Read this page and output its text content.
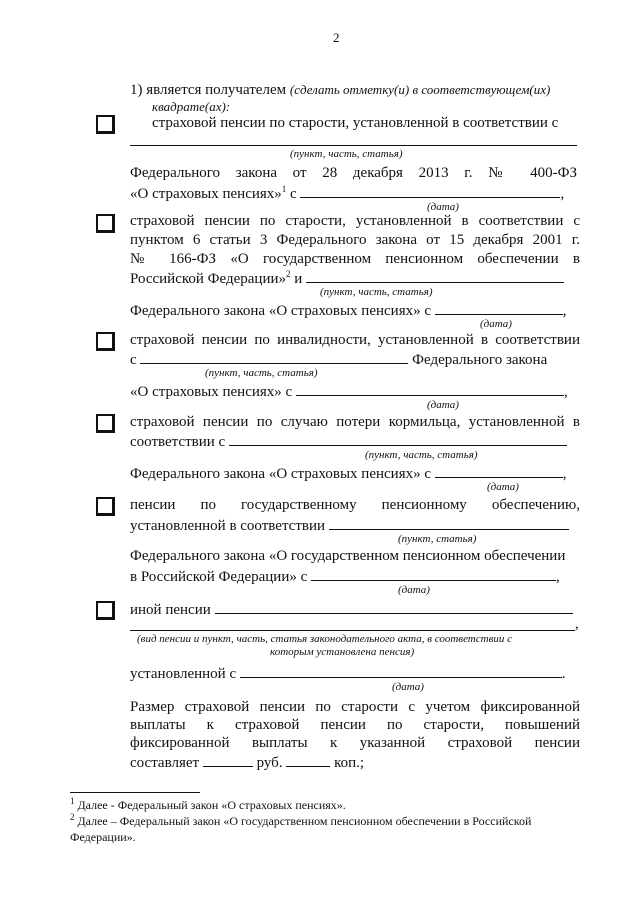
2
1) является получателем (сделать отметку(и) в соответствующем(их)
квадрате(ах):
страховой пенсии по старости, установленной в соответствии с
(пункт, часть, статья)
Федерального закона от 28 декабря 2013 г. № 400-ФЗ
«О страховых пенсиях»$^1$ с	,
(дата)
страховой пенсии по старости, установленной в соответствии с
пунктом 6 статьи 3 Федерального закона от 15 декабря 2001 г.
№ 166-ФЗ «О государственном пенсионном обеспечении в
Российской Федерации»$^2$ и
(пункт, часть, статья)
Федерального закона «О страховых пенсиях» с	,
(дата)
страховой пенсии по инвалидности, установленной в соответствии
с	Федерального закона
(пункт, часть, статья)
«О страховых пенсиях» с	,
(дата)
страховой пенсии по случаю потери кормильца, установленной в
соответствии с
(пункт, часть, статья)
Федерального закона «О страховых пенсиях» с	,
(дата)
пенсии по государственному пенсионному обеспечению,
установленной в соответствии
(пункт, статья)
Федерального закона «О государственном пенсионном обеспечении
в Российской Федерации» с	,
(дата)
иной пенсии
,
(вид пенсии и пункт, часть, статья законодательного акта, в соответствии с
которым установлена пенсия)
установленной с	.
(дата)
Размер страховой пенсии по старости с учетом фиксированной
выплаты к страховой пенсии по старости, повышений
фиксированной выплаты к указанной страховой пенсии
составляет	руб.	коп.;
$^1$ Далее - Федеральный закон «О страховых пенсиях».
$^2$ Далее – Федеральный закон «О государственном пенсионном обеспечении в Российской
Федерации».
